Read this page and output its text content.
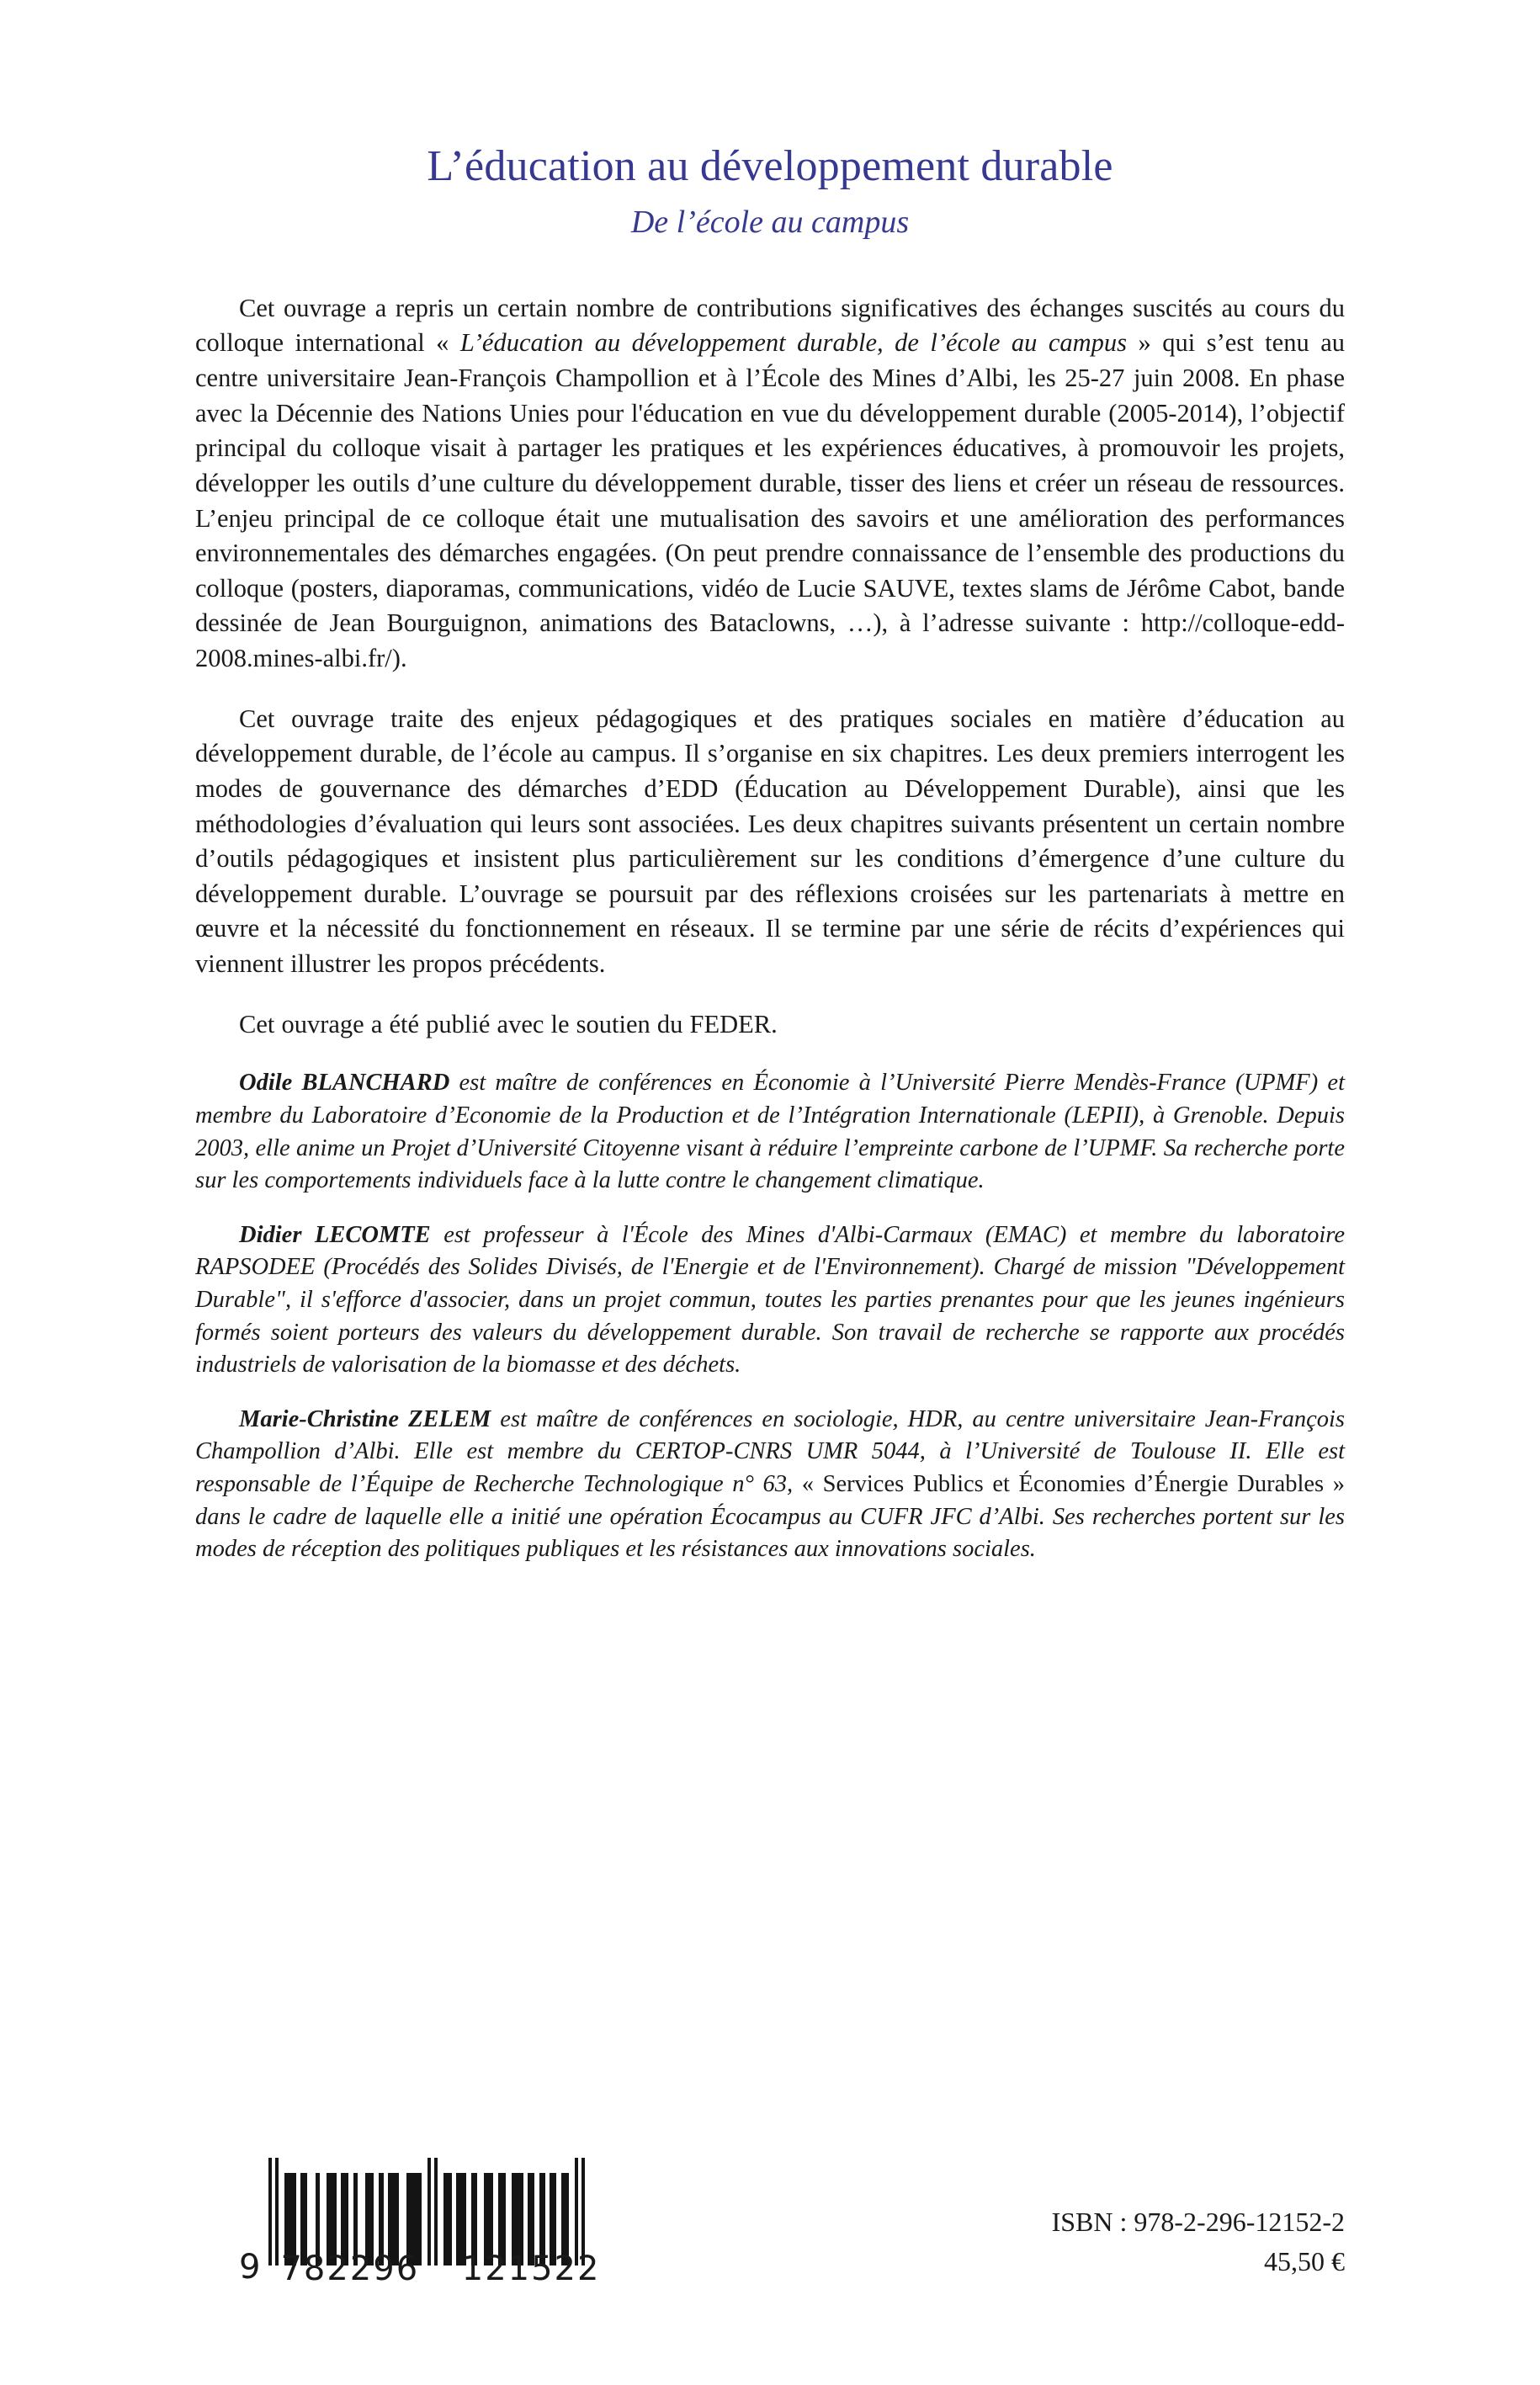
L’éducation au développement durable
De l’école au campus

Cet ouvrage a repris un certain nombre de contributions significatives des échanges suscités au cours du colloque international « L’éducation au développement durable, de l’école au campus » qui s’est tenu au centre universitaire Jean-François Champollion et à l’École des Mines d’Albi, les 25-27 juin 2008. En phase avec la Décennie des Nations Unies pour l'éducation en vue du développement durable (2005-2014), l’objectif principal du colloque visait à partager les pratiques et les expériences éducatives, à promouvoir les projets, développer les outils d’une culture du développement durable, tisser des liens et créer un réseau de ressources. L’enjeu principal de ce colloque était une mutualisation des savoirs et une amélioration des performances environnementales des démarches engagées. (On peut prendre connaissance de l’ensemble des productions du colloque (posters, diaporamas, communications, vidéo de Lucie SAUVE, textes slams de Jérôme Cabot, bande dessinée de Jean Bourguignon, animations des Bataclowns, …), à l’adresse suivante : http://colloque-edd-2008.mines-albi.fr/).

Cet ouvrage traite des enjeux pédagogiques et des pratiques sociales en matière d’éducation au développement durable, de l’école au campus. Il s’organise en six chapitres. Les deux premiers interrogent les modes de gouvernance des démarches d’EDD (Éducation au Développement Durable), ainsi que les méthodologies d’évaluation qui leurs sont associées. Les deux chapitres suivants présentent un certain nombre d’outils pédagogiques et insistent plus particulièrement sur les conditions d’émergence d’une culture du développement durable. L’ouvrage se poursuit par des réflexions croisées sur les partenariats à mettre en œuvre et la nécessité du fonctionnement en réseaux. Il se termine par une série de récits d’expériences qui viennent illustrer les propos précédents.

Cet ouvrage a été publié avec le soutien du FEDER.

Odile BLANCHARD est maître de conférences en Économie à l’Université Pierre Mendès-France (UPMF) et membre du Laboratoire d’Economie de la Production et de l’Intégration Internationale (LEPII), à Grenoble. Depuis 2003, elle anime un Projet d’Université Citoyenne visant à réduire l’empreinte carbone de l’UPMF. Sa recherche porte sur les comportements individuels face à la lutte contre le changement climatique.

Didier LECOMTE est professeur à l'École des Mines d'Albi-Carmaux (EMAC) et membre du laboratoire RAPSODEE (Procédés des Solides Divisés, de l'Energie et de l'Environnement). Chargé de mission "Développement Durable", il s'efforce d'associer, dans un projet commun, toutes les parties prenantes pour que les jeunes ingénieurs formés soient porteurs des valeurs du développement durable. Son travail de recherche se rapporte aux procédés industriels de valorisation de la biomasse et des déchets.

Marie-Christine ZELEM est maître de conférences en sociologie, HDR, au centre universitaire Jean-François Champollion d’Albi. Elle est membre du CERTOP-CNRS UMR 5044, à l’Université de Toulouse II. Elle est responsable de l’Équipe de Recherche Technologique n° 63, « Services Publics et Économies d’Énergie Durables » dans le cadre de laquelle elle a initié une opération Écocampus au CUFR JFC d’Albi. Ses recherches portent sur les modes de réception des politiques publiques et les résistances aux innovations sociales.

9 782296 121522
ISBN : 978-2-296-12152-2
45,50 €
